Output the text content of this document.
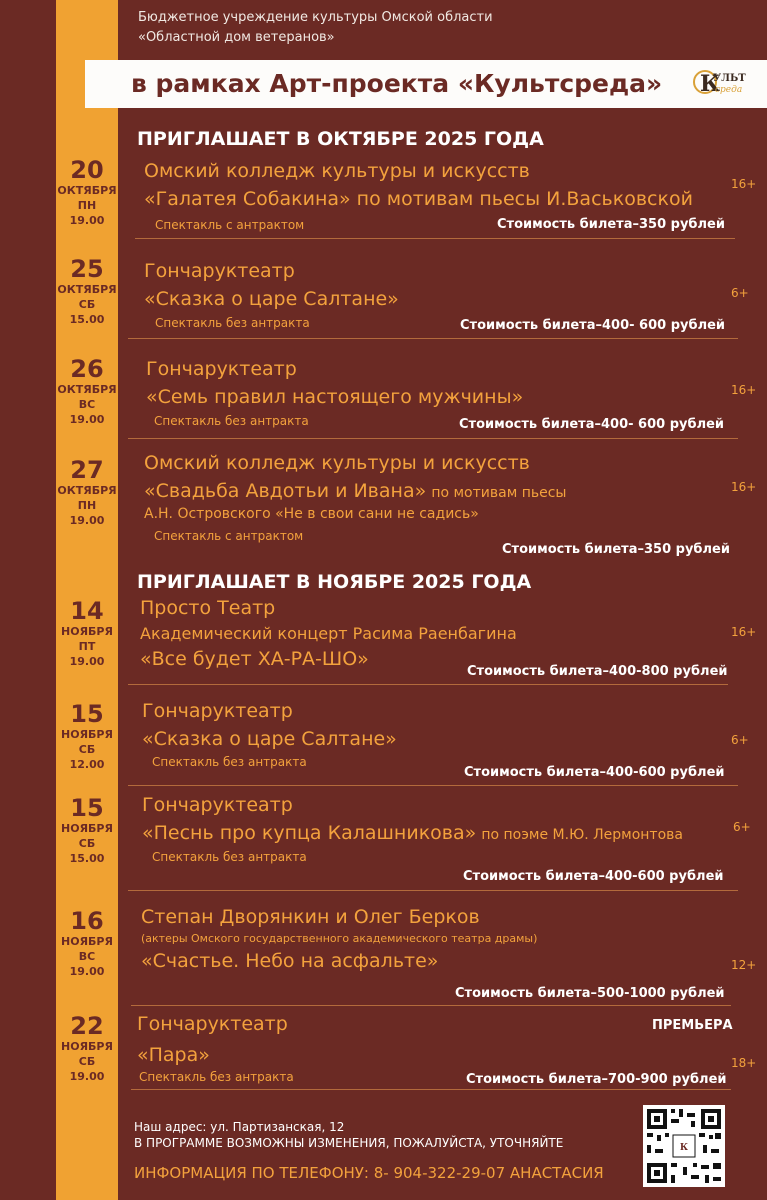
Бюджетное учреждение культуры Омской области
«Областной дом ветеранов»
в рамках Арт-проекта «Культсреда» К
УЛЬТ
среда
ПРИГЛАШАЕТ В ОКТЯБРЕ 2025 ГОДА
20
ОКТЯБРЯ
ПН
19.00
Омский колледж культуры и искусств
«Галатея Собакина» по мотивам пьесы И.Васьковской
Спектакль с антрактом	Стоимость билета–350 рублей
16+
25
ОКТЯБРЯ
СБ
15.00
Гончаруктеатр
«Сказка о царе Салтане»
Спектакль без антракта	Стоимость билета–400- 600 рублей
6+
26
ОКТЯБРЯ
ВС
19.00
Гончаруктеатр
«Семь правил настоящего мужчины»
Спектакль без антракта	Стоимость билета–400- 600 рублей
16+
27
ОКТЯБРЯ
ПН
19.00
Омский колледж культуры и искусств
«Свадьба Авдотьи и Ивана» по мотивам пьесы
А.Н. Островского «Не в свои сани не садись»
Спектакль с антрактом
Стоимость билета–350 рублей
16+
ПРИГЛАШАЕТ В НОЯБРЕ 2025 ГОДА
14
НОЯБРЯ
ПТ
19.00
Просто Театр
Академический концерт Расима Раенбагина
«Все будет ХА-РА-ШО»
Стоимость билета–400-800 рублей
16+
15
НОЯБРЯ
СБ
12.00
Гончаруктеатр
«Сказка о царе Салтане»
Спектакль без антракта
Стоимость билета–400-600 рублей
6+
15
НОЯБРЯ
СБ
15.00
Гончаруктеатр
«Песнь про купца Калашникова» по поэме М.Ю. Лермонтова
Спектакль без антракта
Стоимость билета–400-600 рублей
6+
16
НОЯБРЯ
ВС
19.00
Степан Дворянкин и Олег Берков
(актеры Омского государственного академического театра драмы)
«Счастье. Небо на асфальте»
Стоимость билета–500-1000 рублей
12+
22
НОЯБРЯ
СБ
19.00
Гончаруктеатр	ПРЕМЬЕРА
«Пара»
Спектакль без антракта	Стоимость билета–700-900 рублей
18+
Наш адрес: ул. Партизанская, 12
В ПРОГРАММЕ ВОЗМОЖНЫ ИЗМЕНЕНИЯ, ПОЖАЛУЙСТА, УТОЧНЯЙТЕ
ИНФОРМАЦИЯ ПО ТЕЛЕФОНУ: 8- 904-322-29-07 АНАСТАСИЯ
К
